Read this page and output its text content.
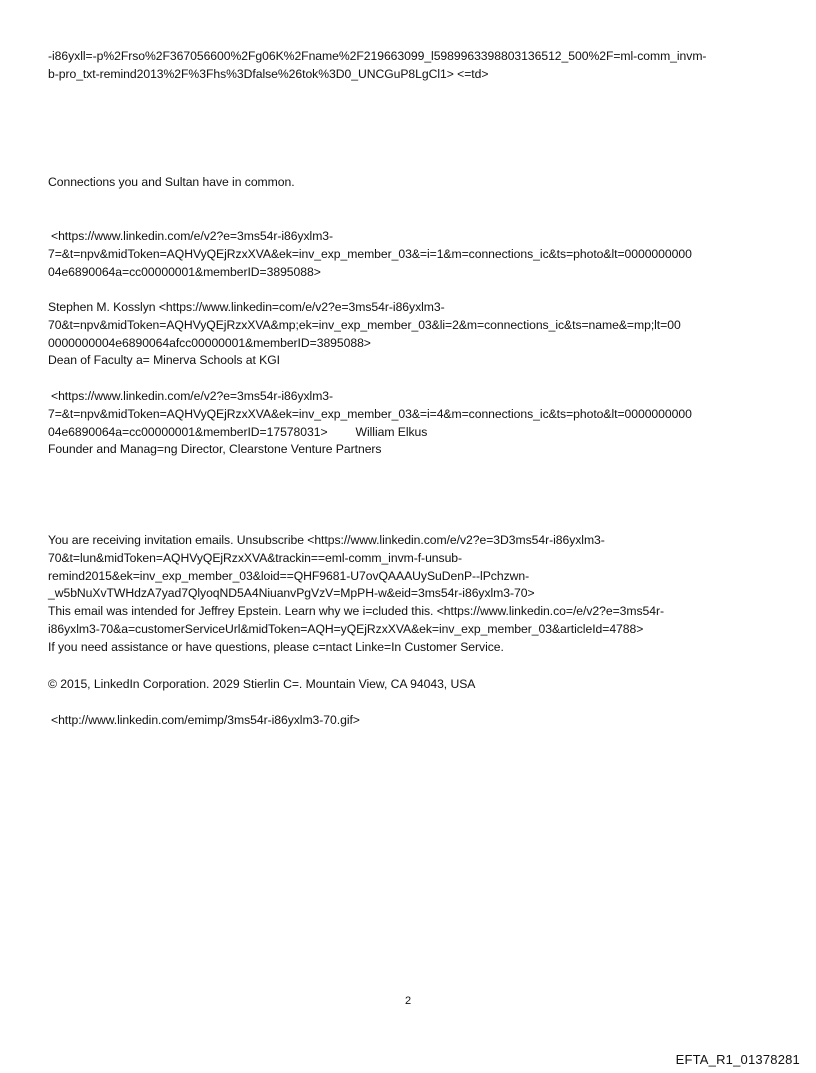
-i86yxll=-p%2Frso%2F367056600%2Fg06K%2Fname%2F219663099_l5989963398803136512_500%2F=ml-comm_invm-
b-pro_txt-remind2013%2F%3Fhs%3Dfalse%26tok%3D0_UNCGuP8LgCl1> <=td>
Connections you and Sultan have in common.
<https://www.linkedin.com/e/v2?e=3ms54r-i86yxlm3-
7=&t=npv&midToken=AQHVyQEjRzxXVA&ek=inv_exp_member_03&=i=1&m=connections_ic&ts=photo&lt=0000000000
04e6890064a=cc00000001&memberID=3895088>
Stephen M. Kosslyn <https://www.linkedin=com/e/v2?e=3ms54r-i86yxlm3-
70&t=npv&midToken=AQHVyQEjRzxXVA&mp;ek=inv_exp_member_03&li=2&m=connections_ic&ts=name&=mp;lt=00
0000000004e6890064afcc00000001&memberID=3895088>
Dean of Faculty a= Minerva Schools at KGI
<https://www.linkedin.com/e/v2?e=3ms54r-i86yxlm3-
7=&t=npv&midToken=AQHVyQEjRzxXVA&ek=inv_exp_member_03&=i=4&m=connections_ic&ts=photo&lt=0000000000
04e6890064a=cc00000001&memberID=17578031> William Elkus
Founder and Manag=ng Director, Clearstone Venture Partners
You are receiving invitation emails. Unsubscribe <https://www.linkedin.com/e/v2?e=3D3ms54r-i86yxlm3-
70&t=lun&midToken=AQHVyQEjRzxXVA&trackin==eml-comm_invm-f-unsub-
remind2015&ek=inv_exp_member_03&loid==QHF9681-U7ovQAAAUySuDenP--lPchzwn-
_w5bNuXvTWHdzA7yad7QlyoqND5A4NiuanvPgVzV=MpPH-w&eid=3ms54r-i86yxlm3-70>
This email was intended for Jeffrey Epstein. Learn why we i=cluded this. <https://www.linkedin.co=/e/v2?e=3ms54r-
i86yxlm3-70&a=customerServiceUrl&midToken=AQH=yQEjRzxXVA&ek=inv_exp_member_03&articleId=4788>
If you need assistance or have questions, please c=ntact Linke=In Customer Service.
© 2015, LinkedIn Corporation. 2029 Stierlin C=. Mountain View, CA 94043, USA
<http://www.linkedin.com/emimp/3ms54r-i86yxlm3-70.gif>
2
EFTA_R1_01378281
